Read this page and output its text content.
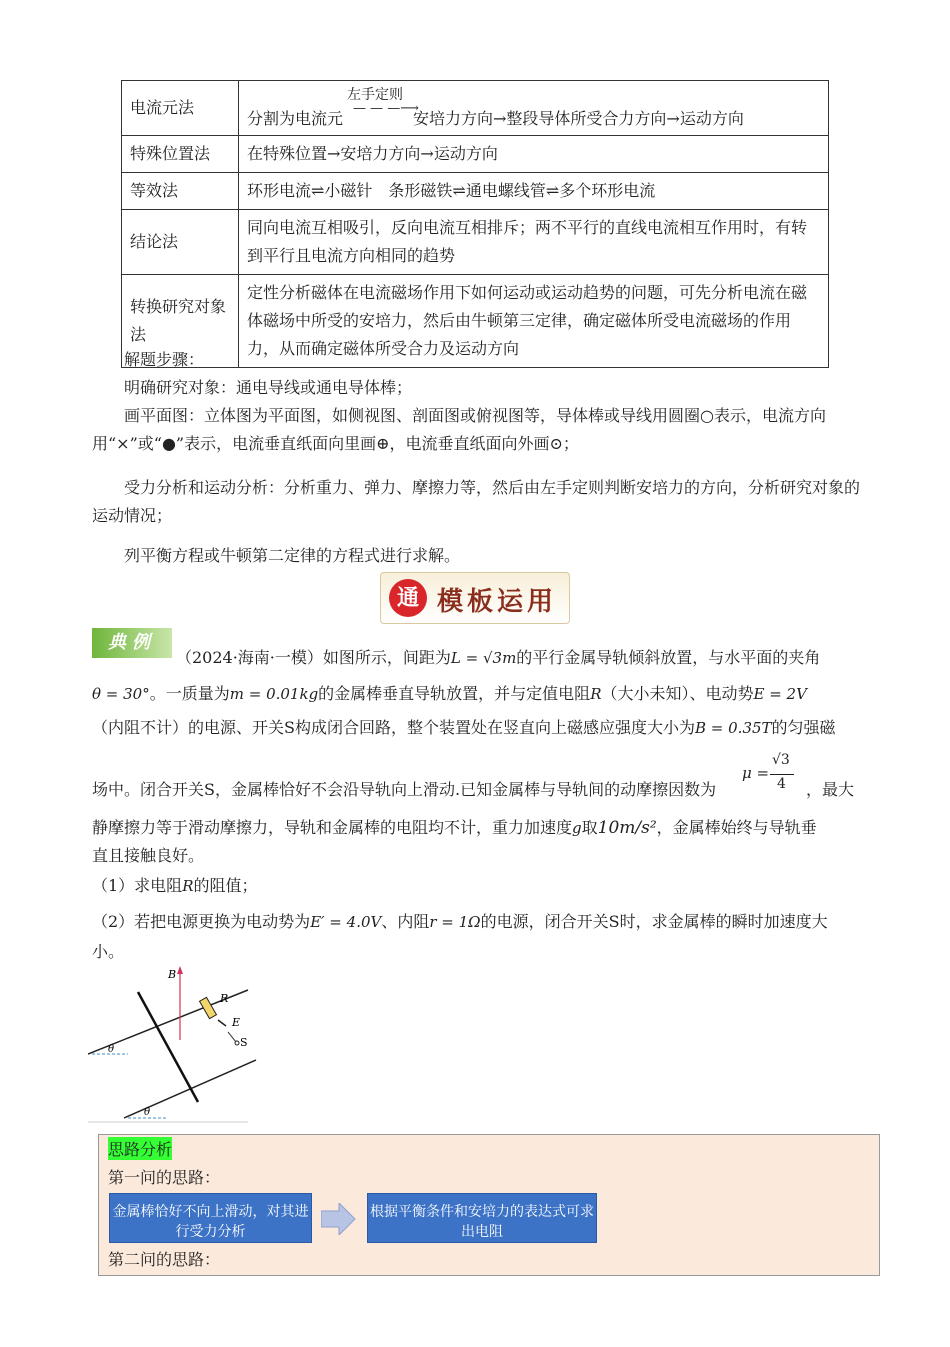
电流元法	分割为电流元
左手定则
— — —⟶
安培力方向→整段导体所受合力方向→运动方向

特殊位置法	在特殊位置→安培力方向→运动方向
等效法	环形电流⇌小磁针　条形磁铁⇌通电螺线管⇌多个环形电流
结论法	同向电流互相吸引，反向电流互相排斥；两不平行的直线电流相互作用时，有转到平行且电流方向相同的趋势
转换研究对象法	定性分析磁体在电流磁场作用下如何运动或运动趋势的问题，可先分析电流在磁体磁场中所受的安培力，然后由牛顿第三定律，确定磁体所受电流磁场的作用力，从而确定磁体所受合力及运动方向
解题步骤：
明确研究对象：通电导线或通电导体棒；
画平面图：立体图为平面图，如侧视图、剖面图或俯视图等，导体棒或导线用圆圈○表示，电流方向用“×”或“●”表示，电流垂直纸面向里画⊕，电流垂直纸面向外画⊙；
受力分析和运动分析：分析重力、弹力、摩擦力等，然后由左手定则判断安培力的方向，分析研究对象的运动情况；
列平衡方程或牛顿第二定律的方程式进行求解。
通 模板运用
典例
（2024·海南·一模）如图所示，间距为L = √3m的平行金属导轨倾斜放置，与水平面的夹角
θ = 30°。一质量为m = 0.01kg的金属棒垂直导轨放置，并与定值电阻R（大小未知）、电动势E = 2V
（内阻不计）的电源、开关S构成闭合回路，整个装置处在竖直向上磁感应强度大小为B = 0.35T的匀强磁
场中。闭合开关S，金属棒恰好不会沿导轨向上滑动.已知金属棒与导轨间的动摩擦因数为
μ =
√3
4 ，最大
静摩擦力等于滑动摩擦力，导轨和金属棒的电阻均不计，重力加速度g取10m/s²，金属棒始终与导轨垂
直且接触良好。
（1）求电阻R的阻值；
（2）若把电源更换为电动势为E′ = 4.0V、内阻r = 1Ω的电源，闭合开关S时，求金属棒的瞬时加速度大
小。
B
θ
θ
R
E
S
思路分析
第一问的思路：
金属棒恰好不向上滑动，对其进行受力分析
根据平衡条件和安培力的表达式可求出电阻
第二问的思路：
